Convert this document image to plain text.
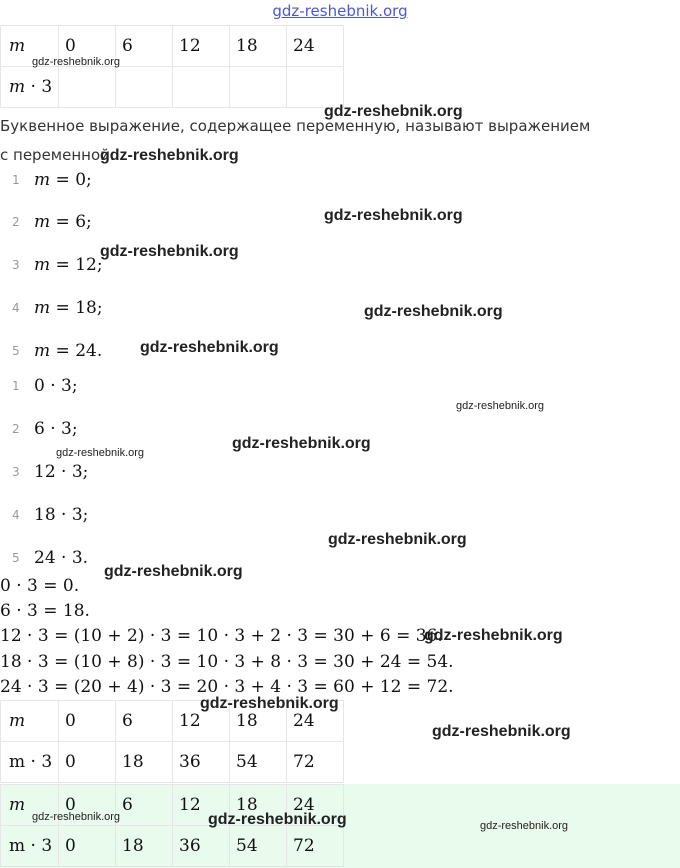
gdz-reshebnik.org
m	0	6	12	18	24
m · 3					

Буквенное выражение, содержащее переменную, называют выражением с переменной.

1 m = 0;
2 m = 6;
3 m = 12;
4 m = 18;
5 m = 24.
1 0 · 3;
2 6 · 3;
3 12 · 3;
4 18 · 3;
5 24 · 3.
0 · 3 = 0.
6 · 3 = 18.
12 · 3 = (10 + 2) · 3 = 10 · 3 + 2 · 3 = 30 + 6 = 36.
18 · 3 = (10 + 8) · 3 = 10 · 3 + 8 · 3 = 30 + 24 = 54.
24 · 3 = (20 + 4) · 3 = 20 · 3 + 4 · 3 = 60 + 12 = 72.
m	0	6	12	18	24
m · 3	0	18	36	54	72
m	0	6	12	18	24
m · 3	0	18	36	54	72
gdz-reshebnik.org
gdz-reshebnik.org
gdz-reshebnik.org
gdz-reshebnik.org
gdz-reshebnik.org
gdz-reshebnik.org
gdz-reshebnik.org
gdz-reshebnik.org
gdz-reshebnik.org
gdz-reshebnik.org
gdz-reshebnik.org
gdz-reshebnik.org
gdz-reshebnik.org
gdz-reshebnik.org
gdz-reshebnik.org
gdz-reshebnik.org	gdz-reshebnik.org	gdz-reshebnik.org
